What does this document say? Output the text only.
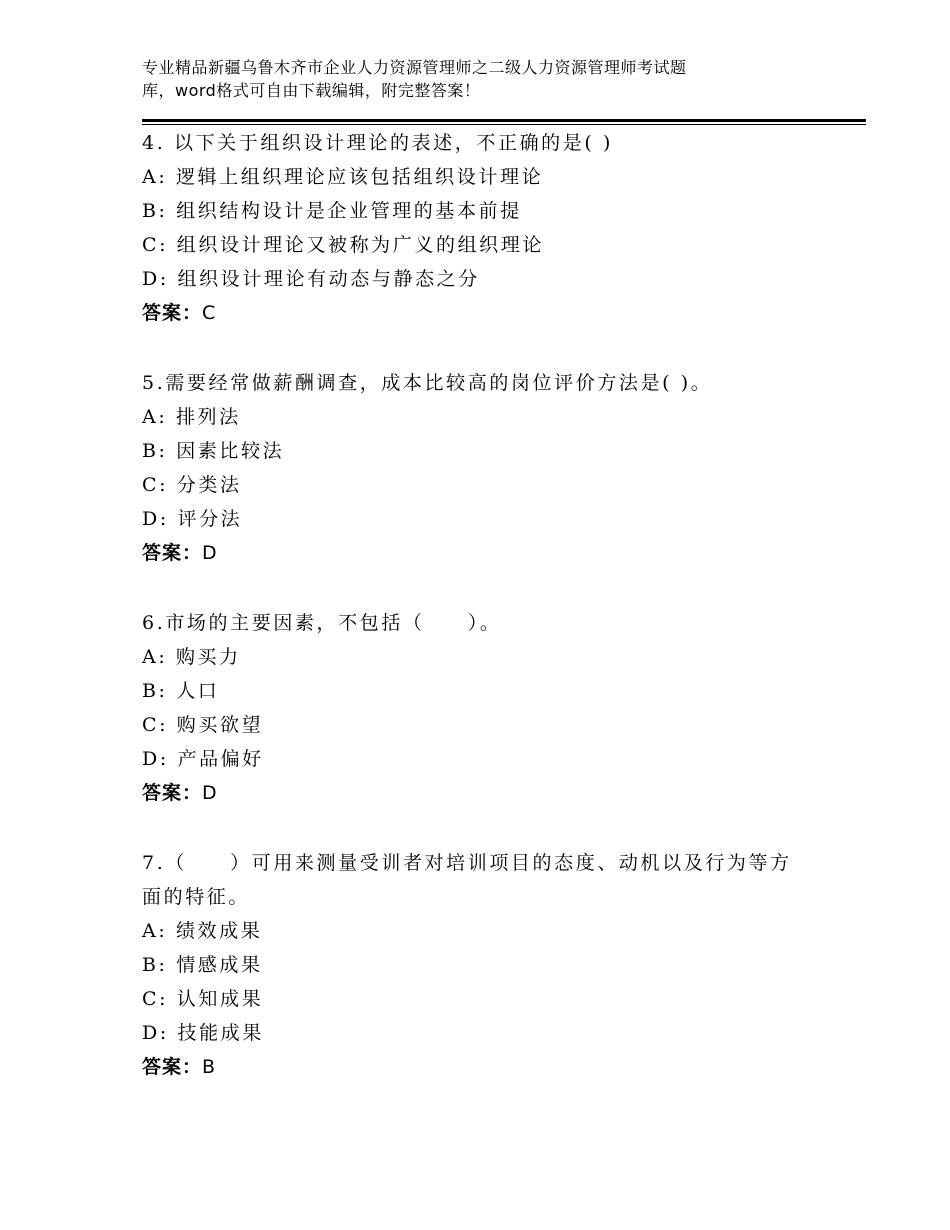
专业精品新疆乌鲁木齐市企业人力资源管理师之二级人力资源管理师考试题
库，word格式可自由下载编辑，附完整答案！
4. 以下关于组织设计理论的表述，不正确的是( )
A: 逻辑上组织理论应该包括组织设计理论
B: 组织结构设计是企业管理的基本前提
C: 组织设计理论又被称为广义的组织理论
D: 组织设计理论有动态与静态之分
答案：C
5.需要经常做薪酬调查，成本比较高的岗位评价方法是( )。
A: 排列法
B: 因素比较法
C: 分类法
D: 评分法
答案：D
6.市场的主要因素，不包括（　　）。
A: 购买力
B: 人口
C: 购买欲望
D: 产品偏好
答案：D
7.（　　）可用来测量受训者对培训项目的态度、动机以及行为等方
面的特征。
A: 绩效成果
B: 情感成果
C: 认知成果
D: 技能成果
答案：B
